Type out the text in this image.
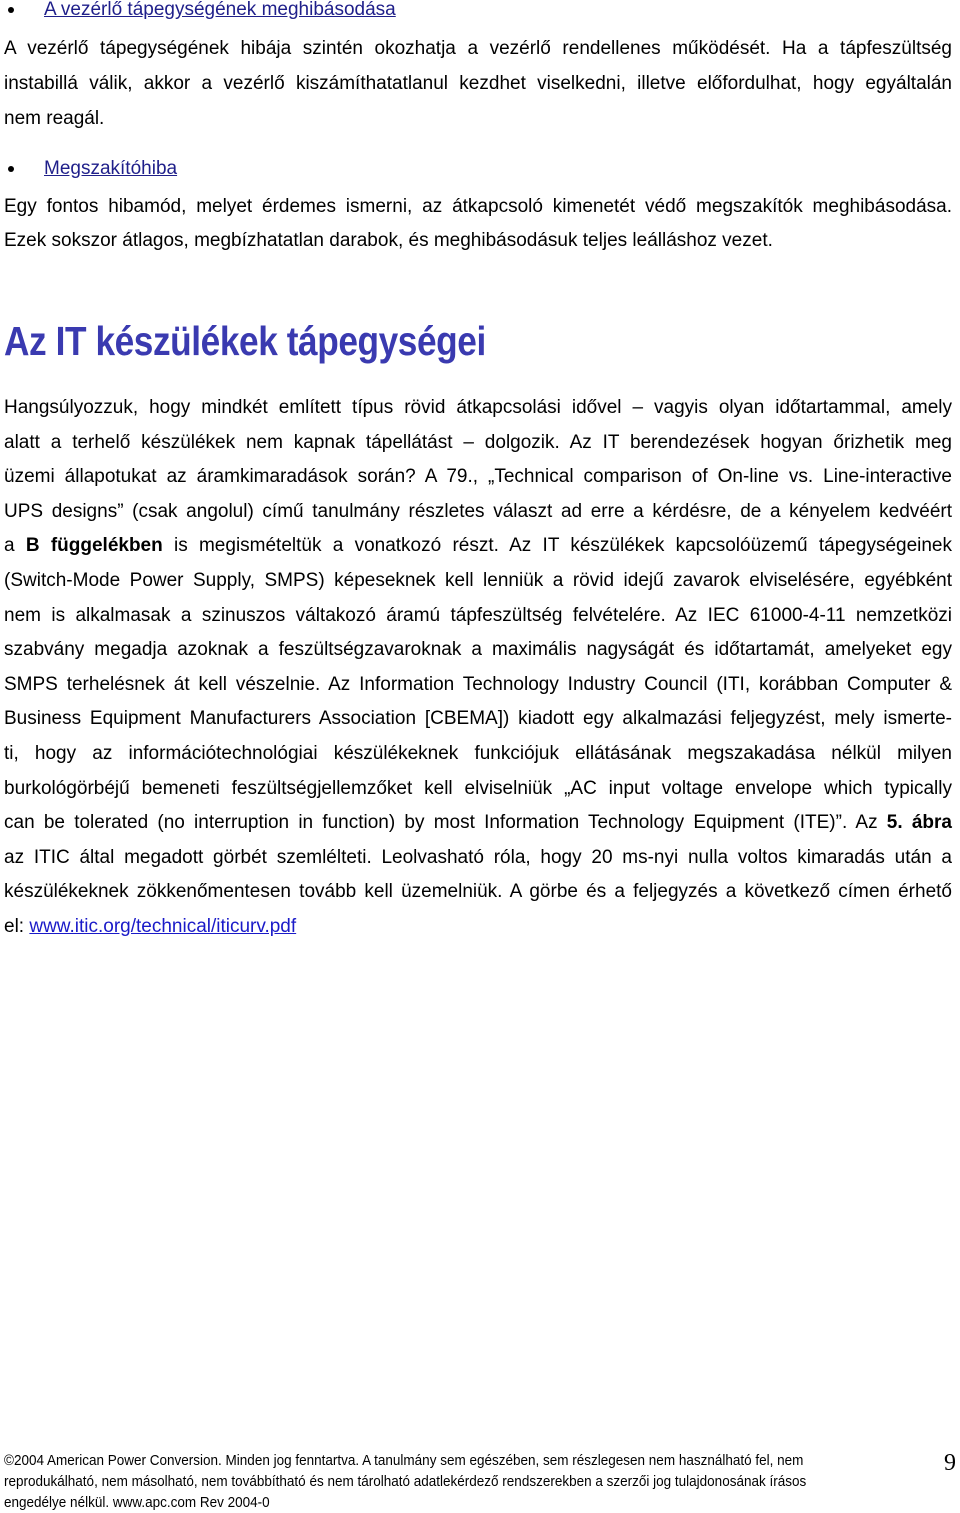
A vezérlő tápegységének meghibásodása
A vezérlő tápegységének hibája szintén okozhatja a vezérlő rendellenes működését. Ha a tápfeszültség
instabillá válik, akkor a vezérlő kiszámíthatatlanul kezdhet viselkedni, illetve előfordulhat, hogy egyáltalán
nem reagál.
Megszakítóhiba
Egy fontos hibamód, melyet érdemes ismerni, az átkapcsoló kimenetét védő megszakítók meghibásodása.
Ezek sokszor átlagos, megbízhatatlan darabok, és meghibásodásuk teljes leálláshoz vezet.
Az IT készülékek tápegységei
Hangsúlyozzuk, hogy mindkét említett típus rövid átkapcsolási idővel – vagyis olyan időtartammal, amely
alatt a terhelő készülékek nem kapnak tápellátást – dolgozik. Az IT berendezések hogyan őrizhetik meg
üzemi állapotukat az áramkimaradások során? A 79., „Technical comparison of On-line vs. Line-interactive
UPS designs” (csak angolul) című tanulmány részletes választ ad erre a kérdésre, de a kényelem kedvéért
a B függelékben is megismételtük a vonatkozó részt. Az IT készülékek kapcsolóüzemű tápegységeinek
(Switch-Mode Power Supply, SMPS) képeseknek kell lenniük a rövid idejű zavarok elviselésére, egyébként
nem is alkalmasak a szinuszos váltakozó áramú tápfeszültség felvételére. Az IEC 61000-4-11 nemzetközi
szabvány megadja azoknak a feszültségzavaroknak a maximális nagyságát és időtartamát, amelyeket egy
SMPS terhelésnek át kell vészelnie. Az Information Technology Industry Council (ITI, korábban Computer &
Business Equipment Manufacturers Association [CBEMA]) kiadott egy alkalmazási feljegyzést, mely ismerte-
ti, hogy az információtechnológiai készülékeknek funkciójuk ellátásának megszakadása nélkül milyen
burkológörbéjű bemeneti feszültségjellemzőket kell elviselniük „AC input voltage envelope which typically
can be tolerated (no interruption in function) by most Information Technology Equipment (ITE)”. Az 5. ábra
az ITIC által megadott görbét szemlélteti. Leolvasható róla, hogy 20 ms-nyi nulla voltos kimaradás után a
készülékeknek zökkenőmentesen tovább kell üzemelniük. A görbe és a feljegyzés a következő címen érhető
el: www.itic.org/technical/iticurv.pdf
©2004 American Power Conversion. Minden jog fenntartva. A tanulmány sem egészében, sem részlegesen nem használható fel, nem
reprodukálható, nem másolható, nem továbbítható és nem tárolható adatlekérdező rendszerekben a szerzői jog tulajdonosának írásos
engedélye nélkül. www.apc.com Rev 2004-0
9
